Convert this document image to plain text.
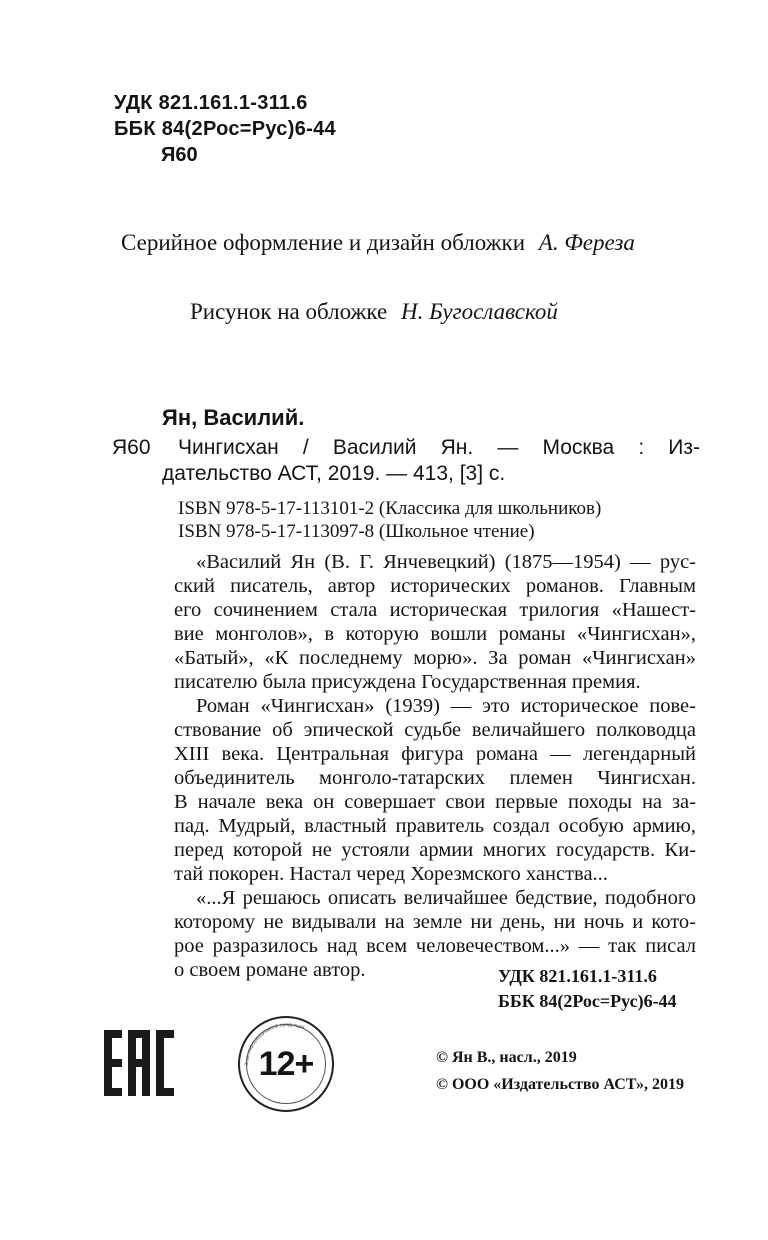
УДК 821.161.1-311.6
ББК 84(2Рос=Рус)6-44
Я60
Серийное оформление и дизайн обложки А. Фереза
Рисунок на обложке Н. Бугославской
Ян, Василий.
Я60 Чингисхан / Василий Ян. — Москва : Из-
дательство АСТ, 2019. — 413, [3] с.
ISBN 978-5-17-113101-2 (Классика для школьников)
ISBN 978-5-17-113097-8 (Школьное чтение)
«Василий Ян (В. Г. Янчевецкий) (1875—1954) — рус-
ский писатель, автор исторических романов. Главным
его сочинением стала историческая трилогия «Нашест-
вие монголов», в которую вошли романы «Чингисхан»,
«Батый», «К последнему морю». За роман «Чингисхан»
писателю была присуждена Государственная премия.
Роман «Чингисхан» (1939) — это историческое пове-
ствование об эпической судьбе величайшего полководца
XIII века. Центральная фигура романа — легендарный
объединитель монголо-татарских племен Чингисхан.
В начале века он совершает свои первые походы на за-
пад. Мудрый, властный правитель создал особую армию,
перед которой не устояли армии многих государств. Ки-
тай покорен. Настал черед Хорезмского ханства...
«...Я решаюсь описать величайшее бедствие, подобного
которому не видывали на земле ни день, ни ночь и кото-
рое разразилось над всем человечеством...» — так писал
о своем романе автор.	УДК 821.161.1-311.6
ББК 84(2Рос=Рус)6-44
Знак информационной продукции
12+	© Ян В., насл., 2019
© ООО «Издательство АСТ», 2019
